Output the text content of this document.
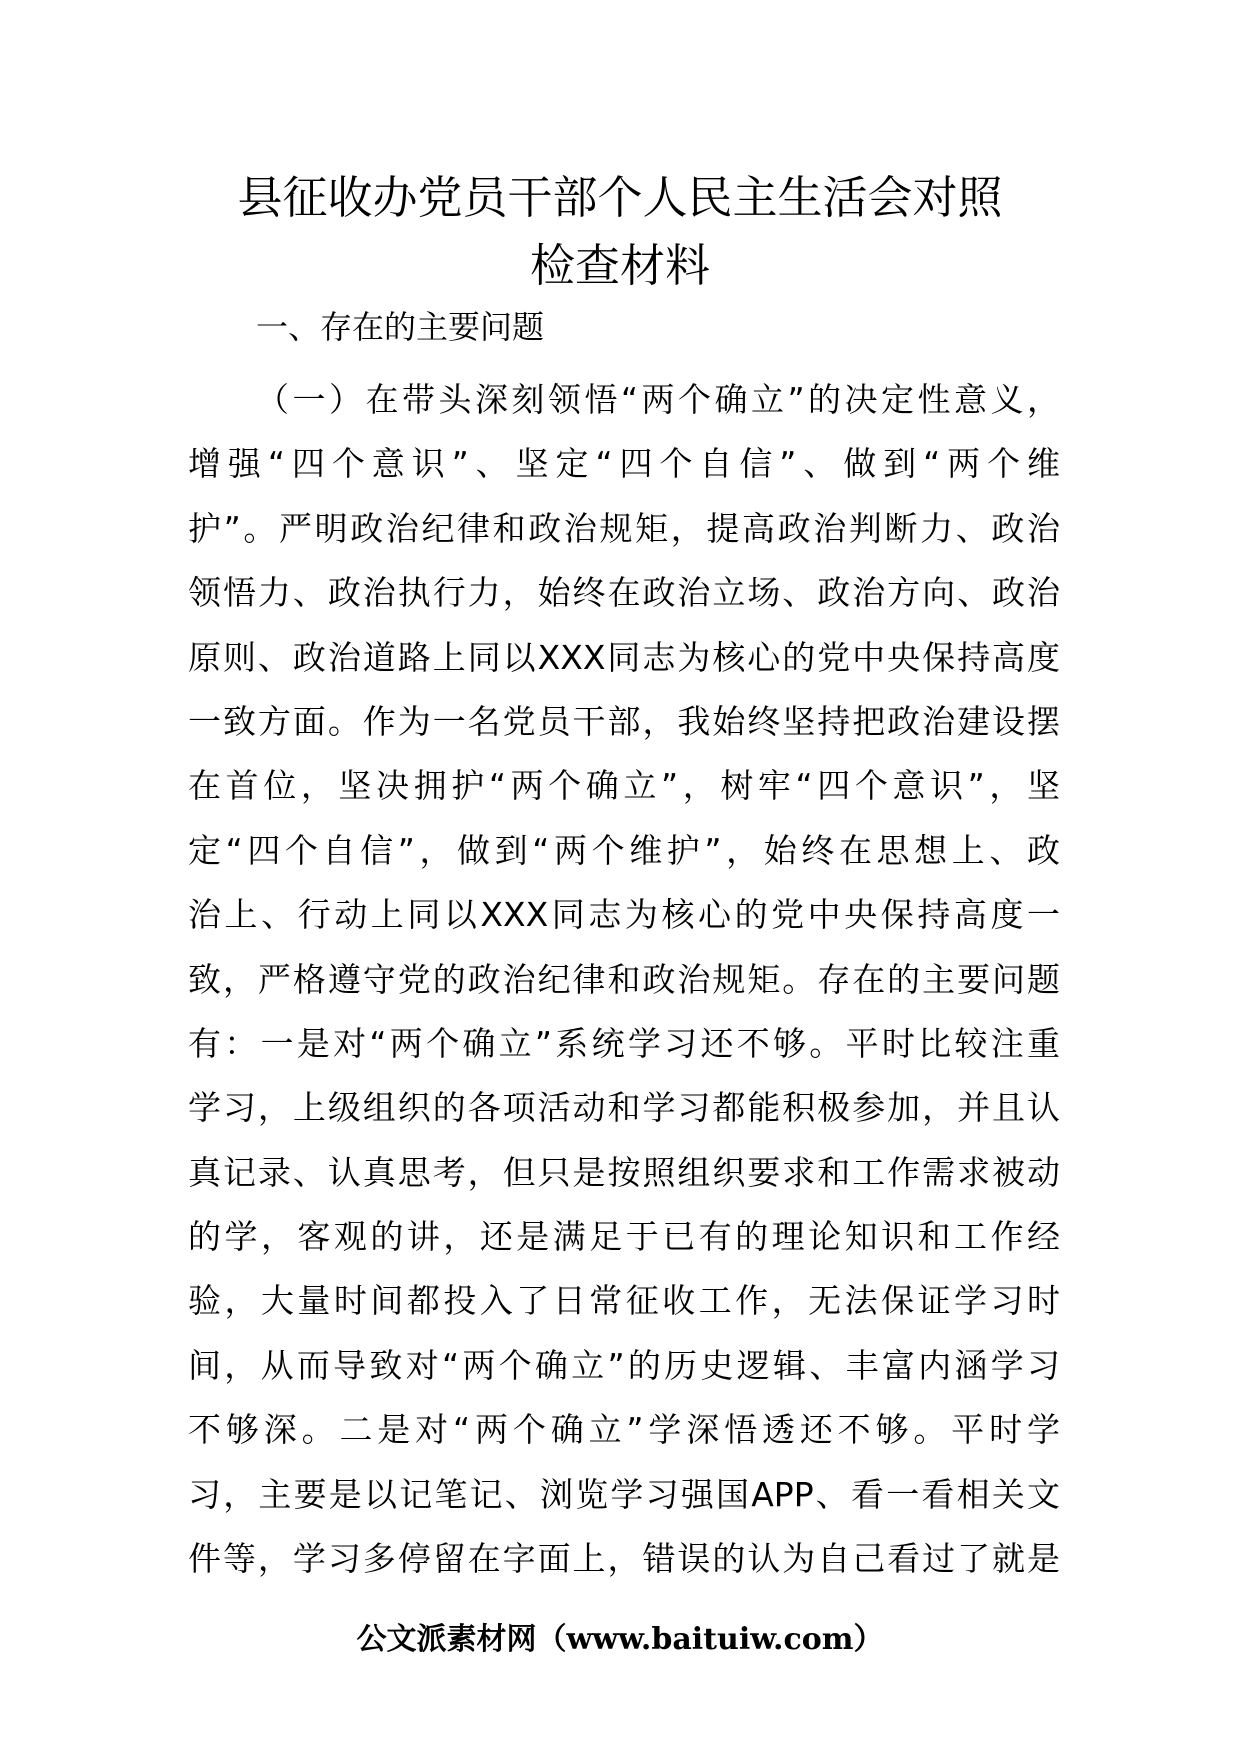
县征收办党员干部个人民主生活会对照
检查材料
一、存在的主要问题
（一）在带头深刻领悟“两个确立”的决定性意义，
增强“四个意识”、坚定“四个自信”、做到“两个维
护”。严明政治纪律和政治规矩，提高政治判断力、政治
领悟力、政治执行力，始终在政治立场、政治方向、政治
原则、政治道路上同以XXX同志为核心的党中央保持高度
一致方面。作为一名党员干部，我始终坚持把政治建设摆
在首位，坚决拥护“两个确立”，树牢“四个意识”，坚
定“四个自信”，做到“两个维护”，始终在思想上、政
治上、行动上同以XXX同志为核心的党中央保持高度一
致，严格遵守党的政治纪律和政治规矩。存在的主要问题
有：一是对“两个确立”系统学习还不够。平时比较注重
学习，上级组织的各项活动和学习都能积极参加，并且认
真记录、认真思考，但只是按照组织要求和工作需求被动
的学，客观的讲，还是满足于已有的理论知识和工作经
验，大量时间都投入了日常征收工作，无法保证学习时
间，从而导致对“两个确立”的历史逻辑、丰富内涵学习
不够深。二是对“两个确立”学深悟透还不够。平时学
习，主要是以记笔记、浏览学习强国APP、看一看相关文
件等，学习多停留在字面上，错误的认为自己看过了就是
公文派素材网（www.baituiw.com）
